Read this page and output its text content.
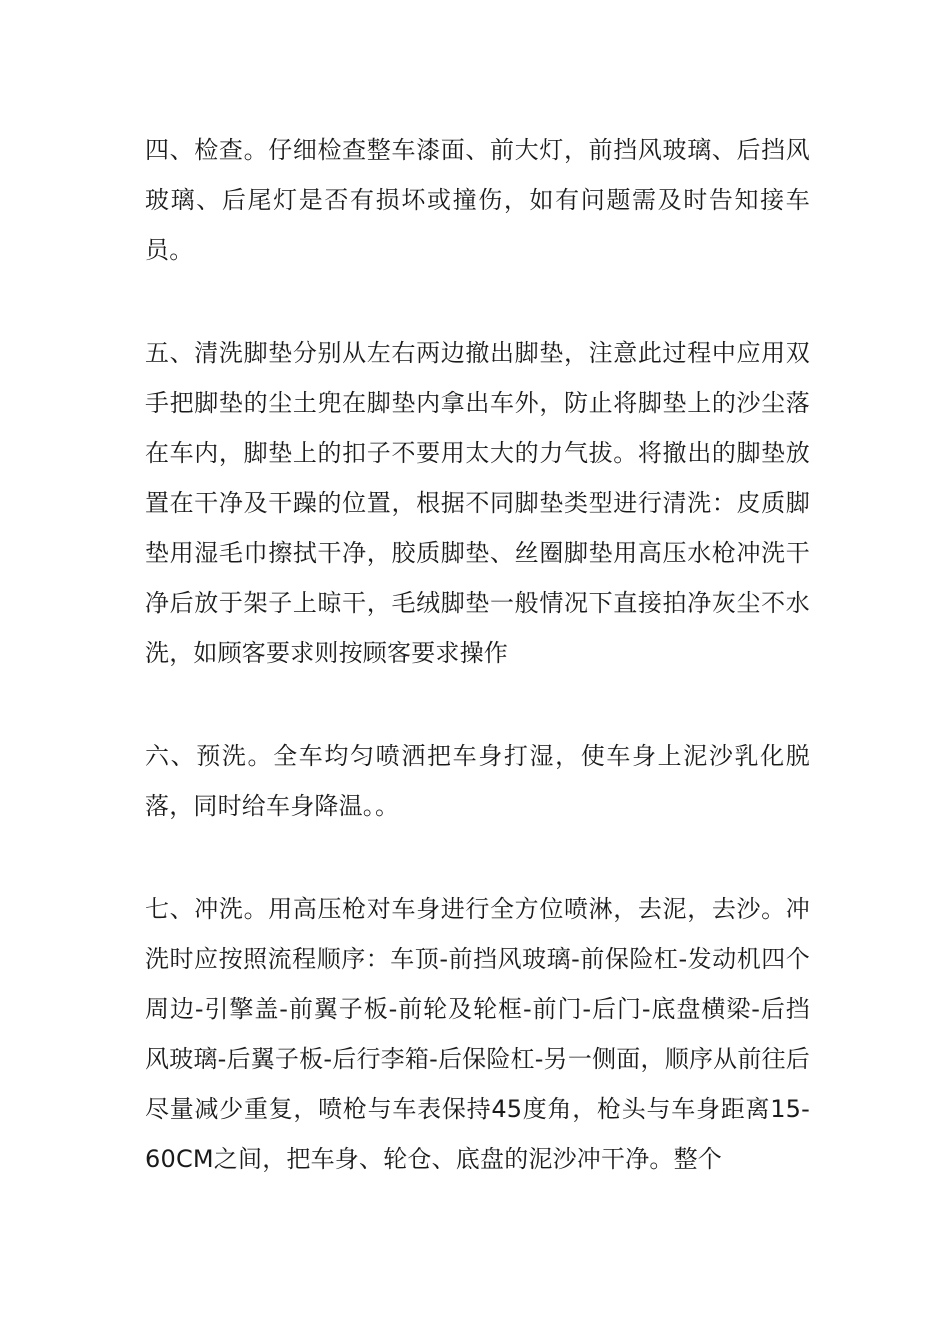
四、检查。仔细检查整车漆面、前大灯，前挡风玻璃、后挡风玻璃、后尾灯是否有损坏或撞伤，如有问题需及时告知接车员。

五、清洗脚垫分别从左右两边撤出脚垫，注意此过程中应用双手把脚垫的尘土兜在脚垫内拿出车外，防止将脚垫上的沙尘落在车内，脚垫上的扣子不要用太大的力气拔。将撤出的脚垫放置在干净及干躁的位置，根据不同脚垫类型进行清洗：皮质脚垫用湿毛巾擦拭干净，胶质脚垫、丝圈脚垫用高压水枪冲洗干净后放于架子上晾干，毛绒脚垫一般情况下直接拍净灰尘不水洗，如顾客要求则按顾客要求操作

六、预洗。全车均匀喷洒把车身打湿，使车身上泥沙乳化脱落，同时给车身降温。。

七、冲洗。用高压枪对车身进行全方位喷淋，去泥，去沙。冲洗时应按照流程顺序：车顶-前挡风玻璃-前保险杠-发动机四个周边-引擎盖-前翼子板-前轮及轮框-前门-后门-底盘横梁-后挡风玻璃-后翼子板-后行李箱-后保险杠-另一侧面，顺序从前往后尽量减少重复，喷枪与车表保持45度角，枪头与车身距离15-60CM之间，把车身、轮仓、底盘的泥沙冲干净。整个
